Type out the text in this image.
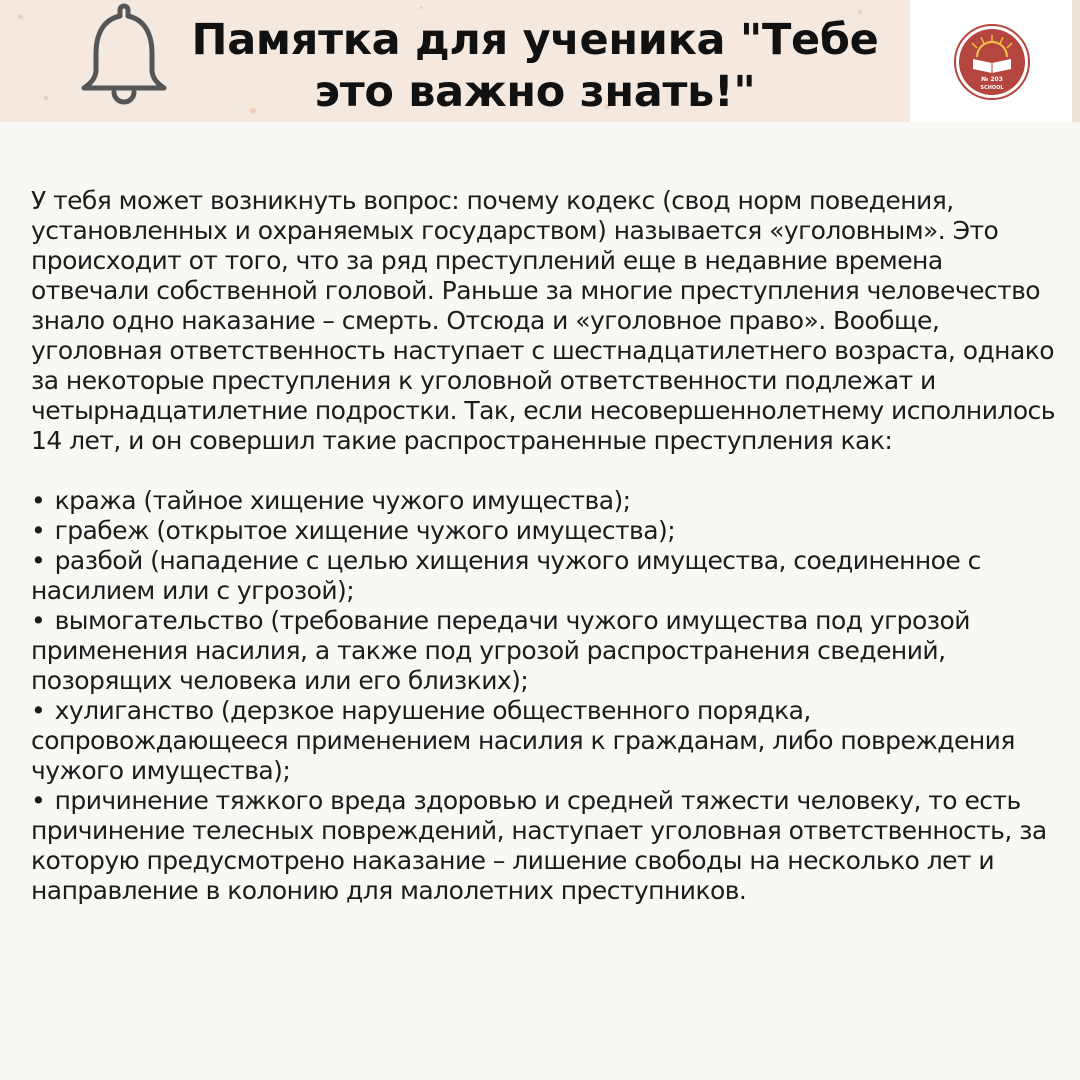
Памятка для ученика "Тебе это важно знать!"	№ 203
SCHOOL

У тебя может возникнуть вопрос: почему кодекс (свод норм поведения, установленных и охраняемых государством) называется «уголовным». Это происходит от того, что за ряд преступлений еще в недавние времена отвечали собственной головой. Раньше за многие преступления человечество знало одно наказание – смерть. Отсюда и «уголовное право». Вообще, уголовная ответственность наступает с шестнадцатилетнего возраста, однако за некоторые преступления к уголовной ответственности подлежат и четырнадцатилетние подростки. Так, если несовершеннолетнему исполнилось 14 лет, и он совершил такие распространенные преступления как:

• кража (тайное хищение чужого имущества);
• грабеж (открытое хищение чужого имущества);
• разбой (нападение с целью хищения чужого имущества, соединенное с насилием или с угрозой);
• вымогательство (требование передачи чужого имущества под угрозой применения насилия, а также под угрозой распространения сведений, позорящих человека или его близких);
• хулиганство (дерзкое нарушение общественного порядка, сопровождающееся применением насилия к гражданам, либо повреждения чужого имущества);
• причинение тяжкого вреда здоровью и средней тяжести человеку, то есть причинение телесных повреждений, наступает уголовная ответственность, за которую предусмотрено наказание – лишение свободы на несколько лет и направление в колонию для малолетних преступников.
